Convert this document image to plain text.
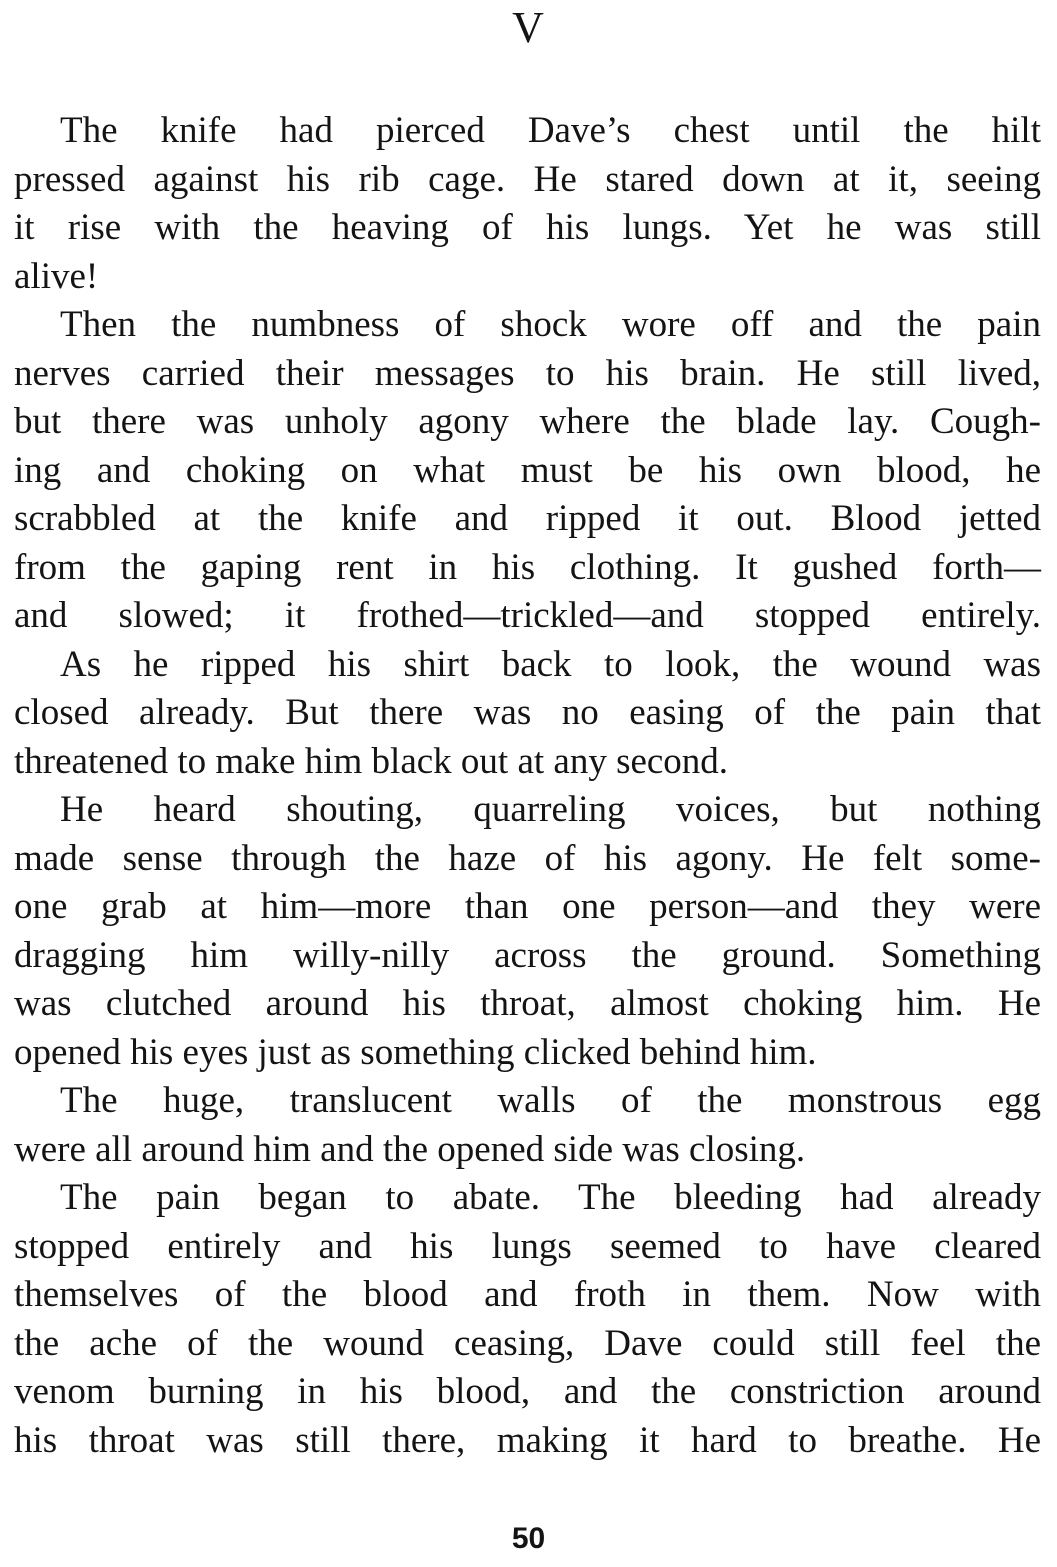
V
The knife had pierced Dave’s chest until the hilt
pressed against his rib cage. He stared down at it, seeing
it rise with the heaving of his lungs. Yet he was still
alive!
Then the numbness of shock wore off and the pain
nerves carried their messages to his brain. He still lived,
but there was unholy agony where the blade lay. Cough-
ing and choking on what must be his own blood, he
scrabbled at the knife and ripped it out. Blood jetted
from the gaping rent in his clothing. It gushed forth—
and slowed; it frothed—trickled—and stopped entirely.
As he ripped his shirt back to look, the wound was
closed already. But there was no easing of the pain that
threatened to make him black out at any second.
He heard shouting, quarreling voices, but nothing
made sense through the haze of his agony. He felt some-
one grab at him—more than one person—and they were
dragging him willy-nilly across the ground. Something
was clutched around his throat, almost choking him. He
opened his eyes just as something clicked behind him.
The huge, translucent walls of the monstrous egg
were all around him and the opened side was closing.
The pain began to abate. The bleeding had already
stopped entirely and his lungs seemed to have cleared
themselves of the blood and froth in them. Now with
the ache of the wound ceasing, Dave could still feel the
venom burning in his blood, and the constriction around
his throat was still there, making it hard to breathe. He
50
